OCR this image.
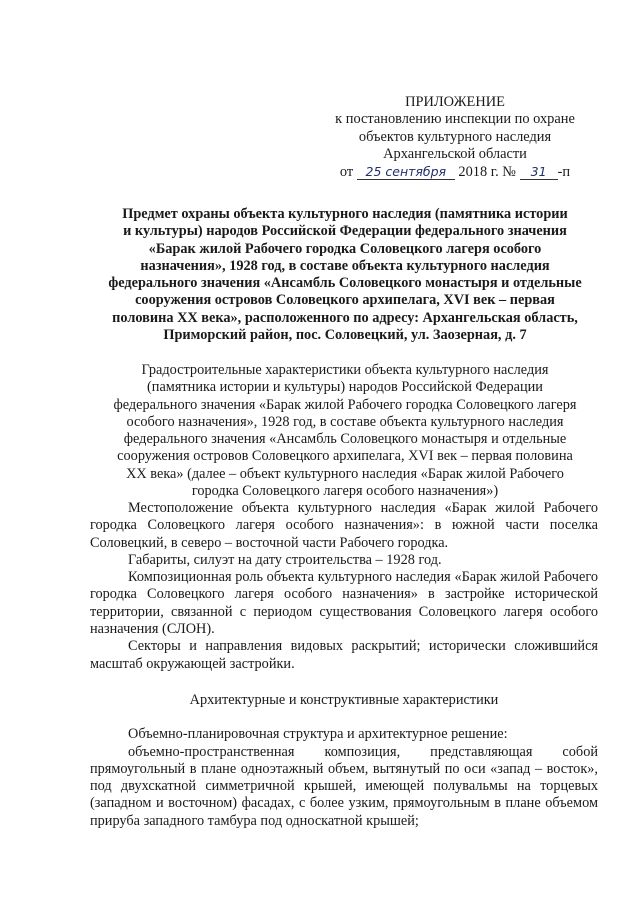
ПРИЛОЖЕНИЕ
к постановлению инспекции по охране
объектов культурного наследия
Архангельской области
от 25 сентября 2018 г. № 31 -п
Предмет охраны объекта культурного наследия (памятника истории
и культуры) народов Российской Федерации федерального значения
«Барак жилой Рабочего городка Соловецкого лагеря особого
назначения», 1928 год, в составе объекта культурного наследия
федерального значения «Ансамбль Соловецкого монастыря и отдельные
сооружения островов Соловецкого архипелага, XVI век – первая
половина XX века», расположенного по адресу: Архангельская область,
Приморский район, пос. Соловецкий, ул. Заозерная, д. 7
Градостроительные характеристики объекта культурного наследия
(памятника истории и культуры) народов Российской Федерации
федерального значения «Барак жилой Рабочего городка Соловецкого лагеря
особого назначения», 1928 год, в составе объекта культурного наследия
федерального значения «Ансамбль Соловецкого монастыря и отдельные
сооружения островов Соловецкого архипелага, XVI век – первая половина
XX века» (далее – объект культурного наследия «Барак жилой Рабочего
городка Соловецкого лагеря особого назначения»)

Местоположение объекта культурного наследия «Барак жилой Рабочего городка Соловецкого лагеря особого назначения»: в южной части поселка Соловецкий, в северо – восточной части Рабочего городка.

Габариты, силуэт на дату строительства – 1928 год.

Композиционная роль объекта культурного наследия «Барак жилой Рабочего городка Соловецкого лагеря особого назначения» в застройке исторической территории, связанной с периодом существования Соловецкого лагеря особого назначения (СЛОН).

Секторы и направления видовых раскрытий; исторически сложившийся масштаб окружающей застройки.

Архитектурные и конструктивные характеристики

Объемно-планировочная структура и архитектурное решение:

объемно-пространственная композиция, представляющая собой прямоугольный в плане одноэтажный объем, вытянутый по оси «запад – восток», под двухскатной симметричной крышей, имеющей полувальмы на торцевых (западном и восточном) фасадах, с более узким, прямоугольным в плане объемом прируба западного тамбура под односкатной крышей;
